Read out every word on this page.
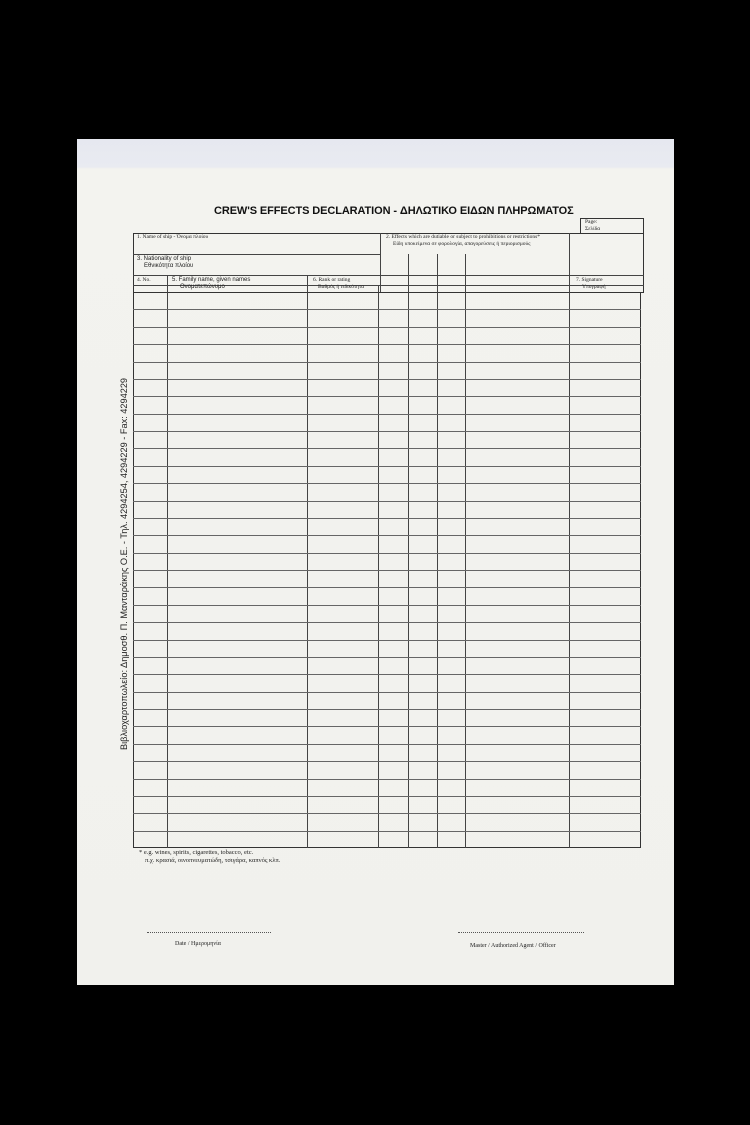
CREW'S EFFECTS DECLARATION - ΔΗΛΩΤΙΚΟ ΕΙΔΩΝ ΠΛΗΡΩΜΑΤΟΣ
Page:
Σελίδα
1. Name of ship - Όνομα πλοίου
3. Nationality of ship
Εθνικότητα πλοίου
2. Effects which are dutiable or subject to prohibitions or restrictions*
Είδη υποκείμενα σε φορολογία, απαγορεύσεις ή περιορισμούς
4. No.	5. Family name, given names
Ονοματεπώνυμο
6. Rank or rating
Βαθμός ή ειδικότητα
7. Signature
Υπογραφή
* e.g. wines, spirits, cigarettes, tobacco, etc.
π.χ. κρασιά, οινοπνευματώδη, τσιγάρα, καπνός κλπ.
Date / Ημερομηνία	Master / Authorized Agent / Officer
Βιβλιοχαρτοπωλείο: Δημοσθ. Π. Μανταράκης Ο.Ε. - Τηλ. 4294254, 4294229 - Fax: 4294229
